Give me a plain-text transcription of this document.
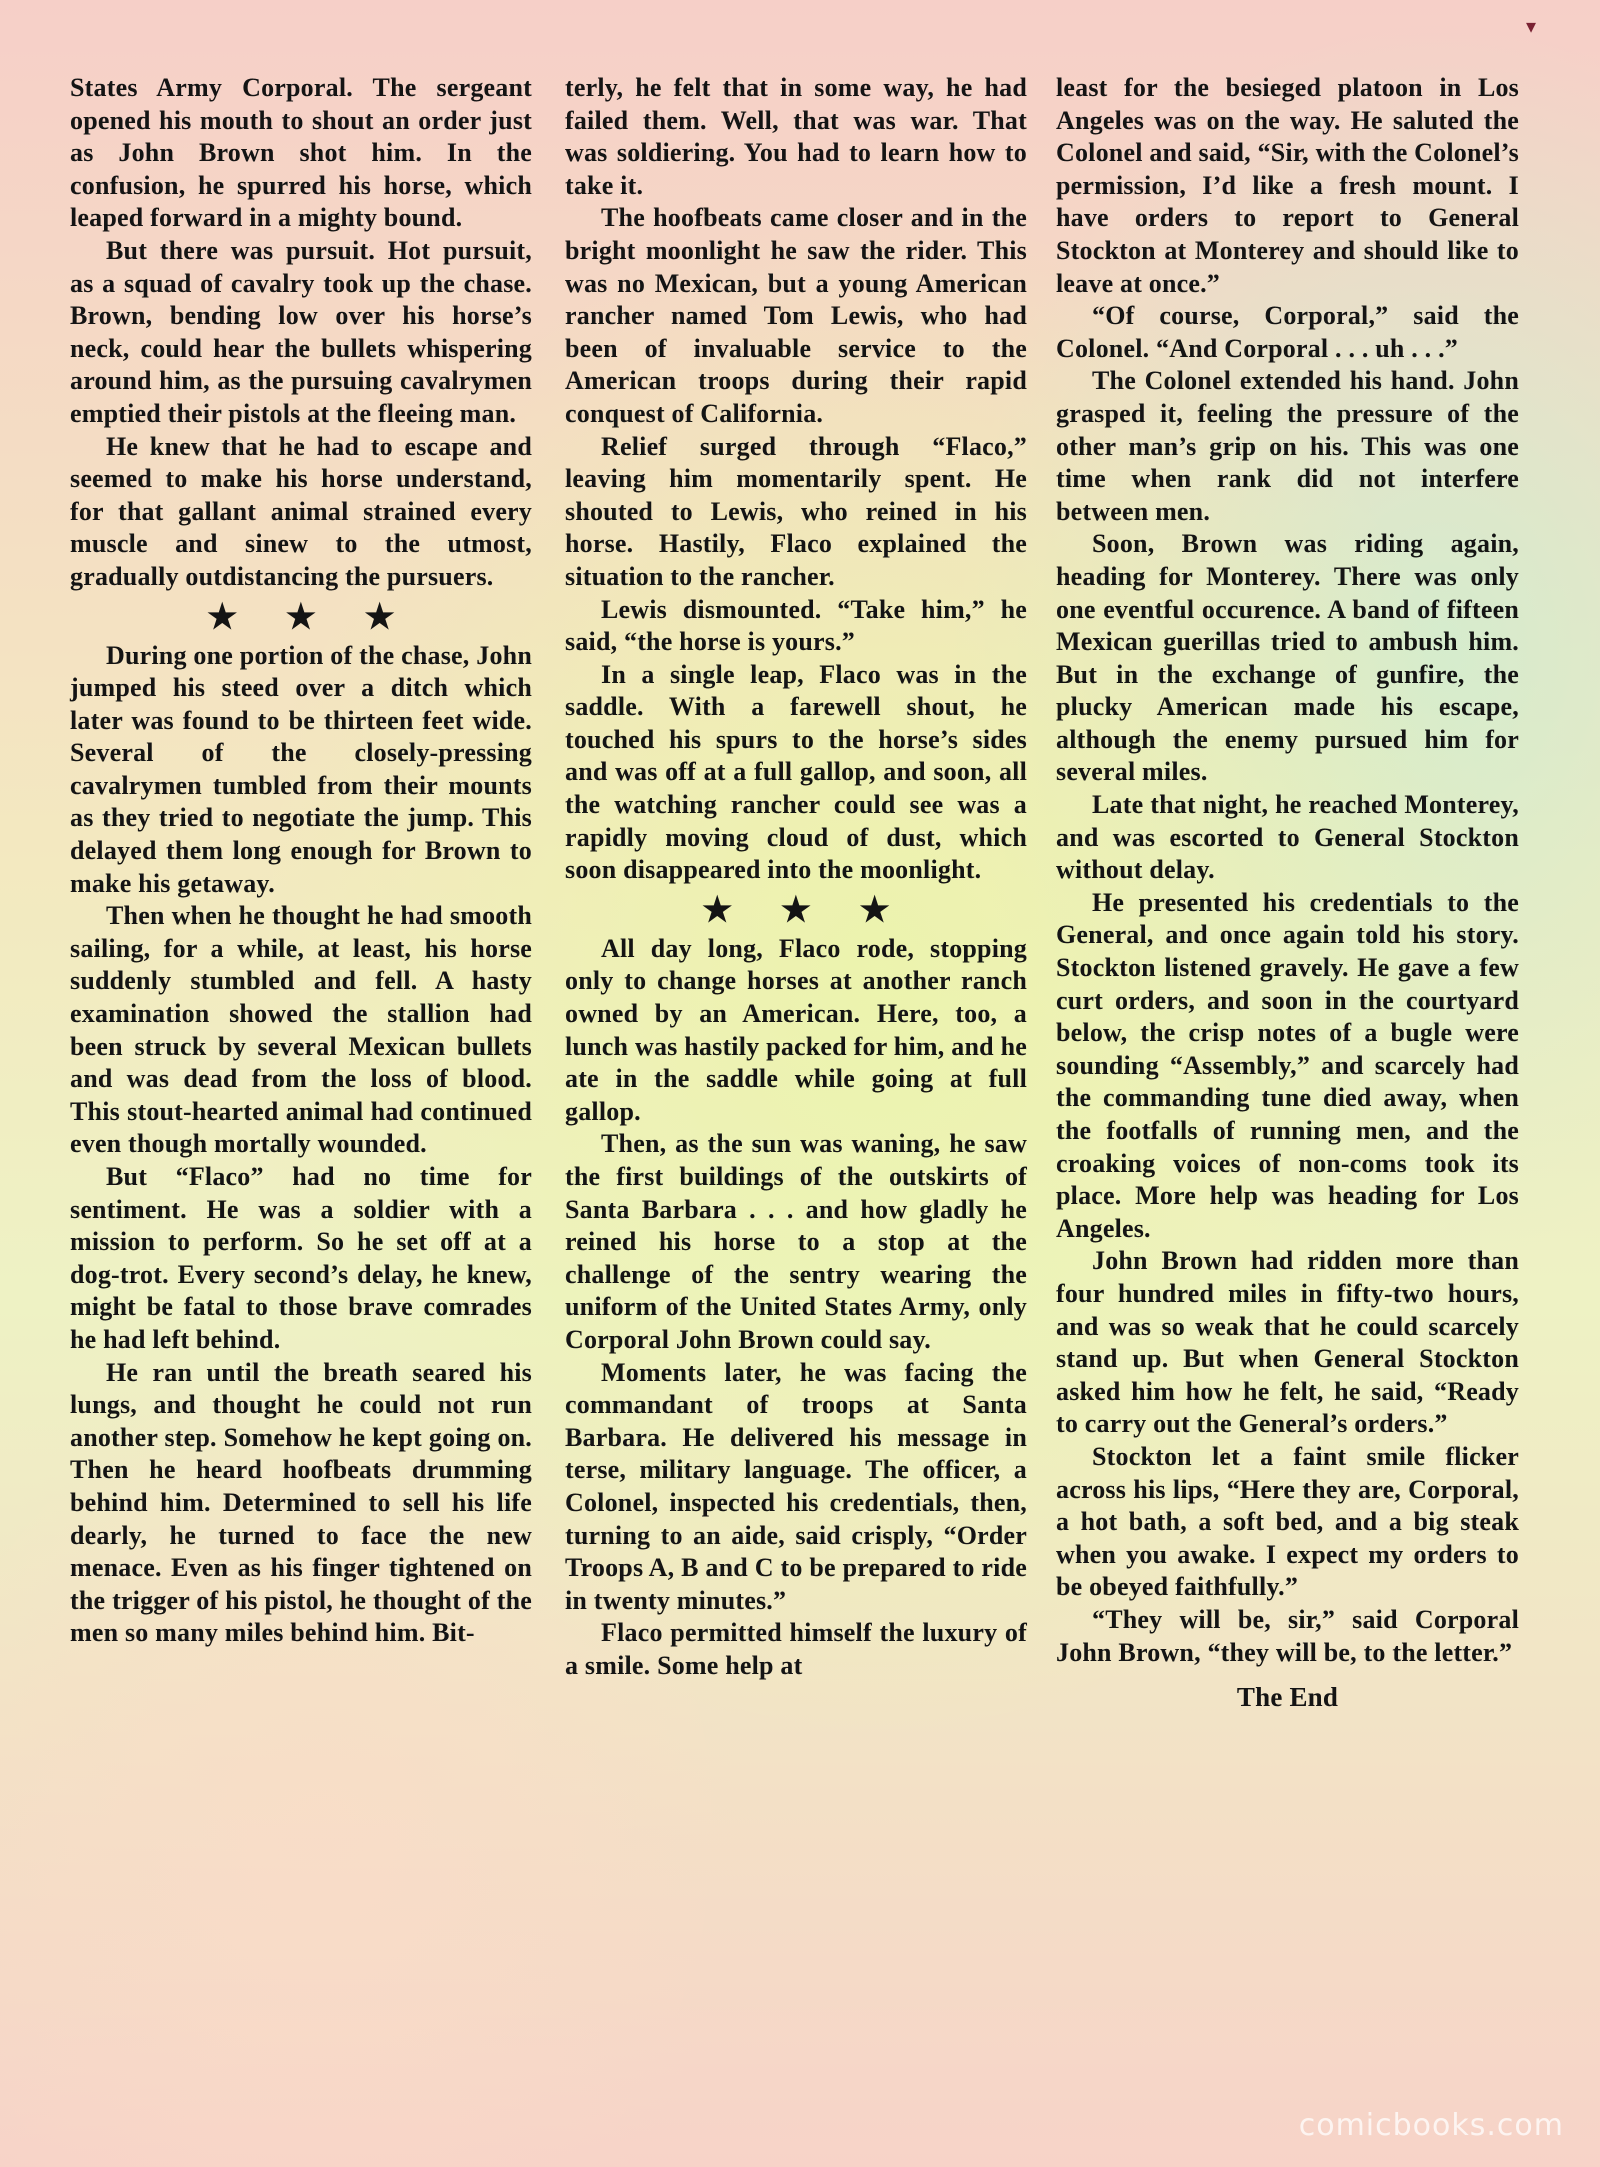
▾

States Army Corporal. The sergeant opened his mouth to shout an order just as John Brown shot him. In the confusion, he spurred his horse, which leaped forward in a mighty bound.

But there was pursuit. Hot pursuit, as a squad of cavalry took up the chase. Brown, bending low over his horse’s neck, could hear the bullets whispering around him, as the pursuing cavalrymen emptied their pistols at the fleeing man.

He knew that he had to escape and seemed to make his horse understand, for that gallant animal strained every muscle and sinew to the utmost, gradually outdistancing the pursuers.

★ ★ ★

During one portion of the chase, John jumped his steed over a ditch which later was found to be thirteen feet wide. Several of the closely-pressing cavalrymen tumbled from their mounts as they tried to negotiate the jump. This delayed them long enough for Brown to make his getaway.

Then when he thought he had smooth sailing, for a while, at least, his horse suddenly stumbled and fell. A hasty examination showed the stallion had been struck by several Mexican bullets and was dead from the loss of blood. This stout-hearted animal had continued even though mortally wounded.

But “Flaco” had no time for sentiment. He was a soldier with a mission to perform. So he set off at a dog-trot. Every second’s delay, he knew, might be fatal to those brave comrades he had left behind.

He ran until the breath seared his lungs, and thought he could not run another step. Somehow he kept going on. Then he heard hoofbeats drumming behind him. Determined to sell his life dearly, he turned to face the new menace. Even as his finger tightened on the trigger of his pistol, he thought of the men so many miles behind him. Bit-

terly, he felt that in some way, he had failed them. Well, that was war. That was soldiering. You had to learn how to take it.

The hoofbeats came closer and in the bright moonlight he saw the rider. This was no Mexican, but a young American rancher named Tom Lewis, who had been of invaluable service to the American troops during their rapid conquest of California.

Relief surged through “Flaco,” leaving him momentarily spent. He shouted to Lewis, who reined in his horse. Hastily, Flaco explained the situation to the rancher.

Lewis dismounted. “Take him,” he said, “the horse is yours.”

In a single leap, Flaco was in the saddle. With a farewell shout, he touched his spurs to the horse’s sides and was off at a full gallop, and soon, all the watching rancher could see was a rapidly moving cloud of dust, which soon disappeared into the moonlight.

★ ★ ★

All day long, Flaco rode, stopping only to change horses at another ranch owned by an American. Here, too, a lunch was hastily packed for him, and he ate in the saddle while going at full gallop.

Then, as the sun was waning, he saw the first buildings of the outskirts of Santa Barbara . . . and how gladly he reined his horse to a stop at the challenge of the sentry wearing the uniform of the United States Army, only Corporal John Brown could say.

Moments later, he was facing the commandant of troops at Santa Barbara. He delivered his message in terse, military language. The officer, a Colonel, inspected his credentials, then, turning to an aide, said crisply, “Order Troops A, B and C to be prepared to ride in twenty minutes.”

Flaco permitted himself the luxury of a smile. Some help at

least for the besieged platoon in Los Angeles was on the way. He saluted the Colonel and said, “Sir, with the Colonel’s permission, I’d like a fresh mount. I have orders to report to General Stockton at Monterey and should like to leave at once.”

“Of course, Corporal,” said the Colonel. “And Corporal . . . uh . . .”

The Colonel extended his hand. John grasped it, feeling the pressure of the other man’s grip on his. This was one time when rank did not interfere between men.

Soon, Brown was riding again, heading for Monterey. There was only one eventful occurence. A band of fifteen Mexican guerillas tried to ambush him. But in the exchange of gunfire, the plucky American made his escape, although the enemy pursued him for several miles.

Late that night, he reached Monterey, and was escorted to General Stockton without delay.

He presented his credentials to the General, and once again told his story. Stockton listened gravely. He gave a few curt orders, and soon in the courtyard below, the crisp notes of a bugle were sounding “Assembly,” and scarcely had the commanding tune died away, when the footfalls of running men, and the croaking voices of non-coms took its place. More help was heading for Los Angeles.

John Brown had ridden more than four hundred miles in fifty-two hours, and was so weak that he could scarcely stand up. But when General Stockton asked him how he felt, he said, “Ready to carry out the General’s orders.”

Stockton let a faint smile flicker across his lips, “Here they are, Corporal, a hot bath, a soft bed, and a big steak when you awake. I expect my orders to be obeyed faithfully.”

“They will be, sir,” said Corporal John Brown, “they will be, to the letter.”

The End
comicbooks.com
